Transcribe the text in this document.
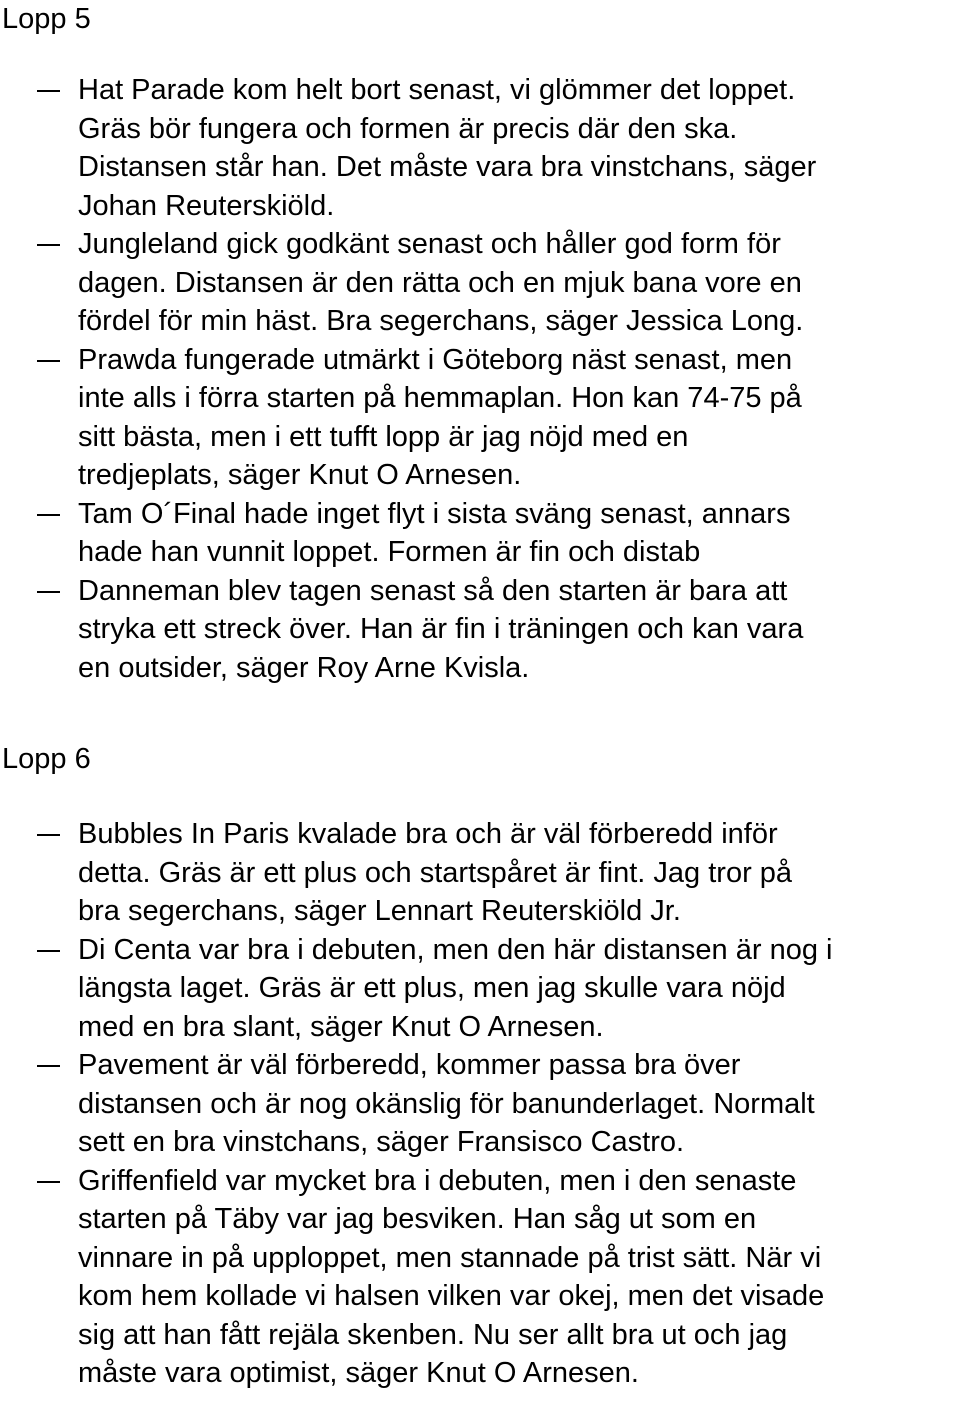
Lopp 5
Hat Parade kom helt bort senast, vi glömmer det loppet.
Gräs bör fungera och formen är precis där den ska.
Distansen står han. Det måste vara bra vinstchans, säger
Johan Reuterskiöld.
Jungleland gick godkänt senast och håller god form för
dagen. Distansen är den rätta och en mjuk bana vore en
fördel för min häst. Bra segerchans, säger Jessica Long.
Prawda fungerade utmärkt i Göteborg näst senast, men
inte alls i förra starten på hemmaplan. Hon kan 74-75 på
sitt bästa, men i ett tufft lopp är jag nöjd med en
tredjeplats, säger Knut O Arnesen.
Tam O´Final hade inget flyt i sista sväng senast, annars
hade han vunnit loppet. Formen är fin och distab
Danneman blev tagen senast så den starten är bara att
stryka ett streck över. Han är fin i träningen och kan vara
en outsider, säger Roy Arne Kvisla.
Lopp 6
Bubbles In Paris kvalade bra och är väl förberedd inför
detta. Gräs är ett plus och startspåret är fint. Jag tror på
bra segerchans, säger Lennart Reuterskiöld Jr.
Di Centa var bra i debuten, men den här distansen är nog i
längsta laget. Gräs är ett plus, men jag skulle vara nöjd
med en bra slant, säger Knut O Arnesen.
Pavement är väl förberedd, kommer passa bra över
distansen och är nog okänslig för banunderlaget. Normalt
sett en bra vinstchans, säger Fransisco Castro.
Griffenfield var mycket bra i debuten, men i den senaste
starten på Täby var jag besviken. Han såg ut som en
vinnare in på upploppet, men stannade på trist sätt. När vi
kom hem kollade vi halsen vilken var okej, men det visade
sig att han fått rejäla skenben. Nu ser allt bra ut och jag
måste vara optimist, säger Knut O Arnesen.
